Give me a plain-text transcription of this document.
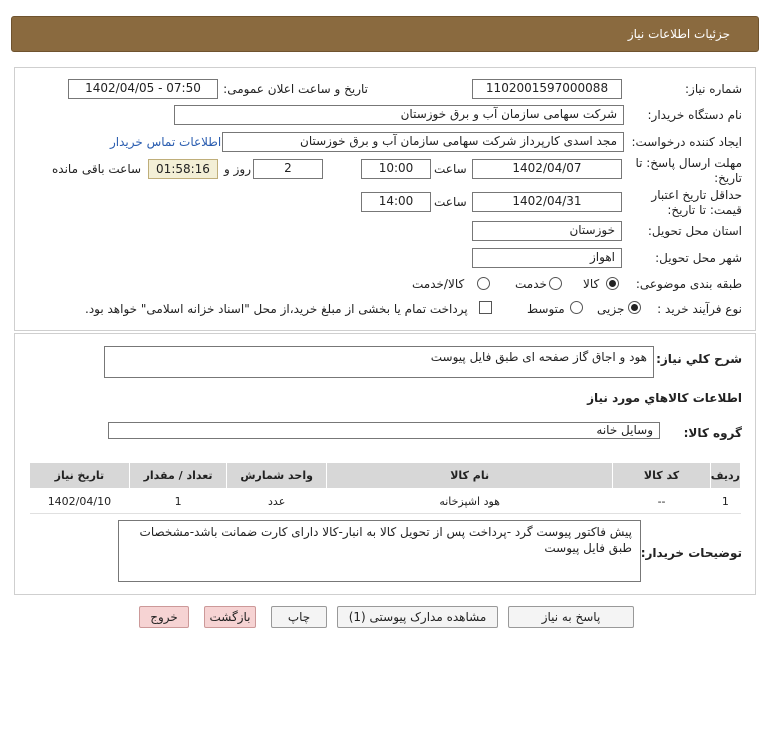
جزئیات اطلاعات نیاز
شماره نیاز:
1102001597000088
تاریخ و ساعت اعلان عمومی:
1402/04/05 - 07:50
نام دستگاه خریدار:
شرکت سهامی سازمان آب و برق خوزستان
ایجاد کننده درخواست:
مجد اسدی کارپرداز شرکت سهامی سازمان آب و برق خوزستان
اطلاعات تماس خریدار
مهلت ارسال پاسخ: تا تاریخ:
1402/04/07
ساعت
10:00
2
روز و
01:58:16
ساعت باقی مانده
حداقل تاریخ اعتبار قیمت: تا تاریخ:
1402/04/31
ساعت
14:00
استان محل تحویل:
خوزستان
شهر محل تحویل:
اهواز
طبقه بندی موضوعی:
کالا
خدمت
کالا/خدمت
نوع فرآیند خرید :
جزیی
متوسط
پرداخت تمام یا بخشی از مبلغ خرید،از محل "اسناد خزانه اسلامی" خواهد بود.
شرح کلي نياز:
هود و اجاق گاز صفحه ای طبق فایل پیوست
اطلاعات کالاهاي مورد نياز
گروه کالا:
وسایل خانه
ردیف	کد کالا	نام کالا	واحد شمارش	تعداد / مقدار	تاریخ نیاز
1	--	هود اشپزخانه	عدد	1	1402/04/10
توضیحات خریدار:
پیش فاکتور پیوست گرد -پرداخت پس از تحویل کالا به انبار-کالا دارای کارت ضمانت باشد-مشخصات طبق فایل پیوست
پاسخ به نیاز
مشاهده مدارک پیوستی (1)
چاپ
بازگشت
خروج
